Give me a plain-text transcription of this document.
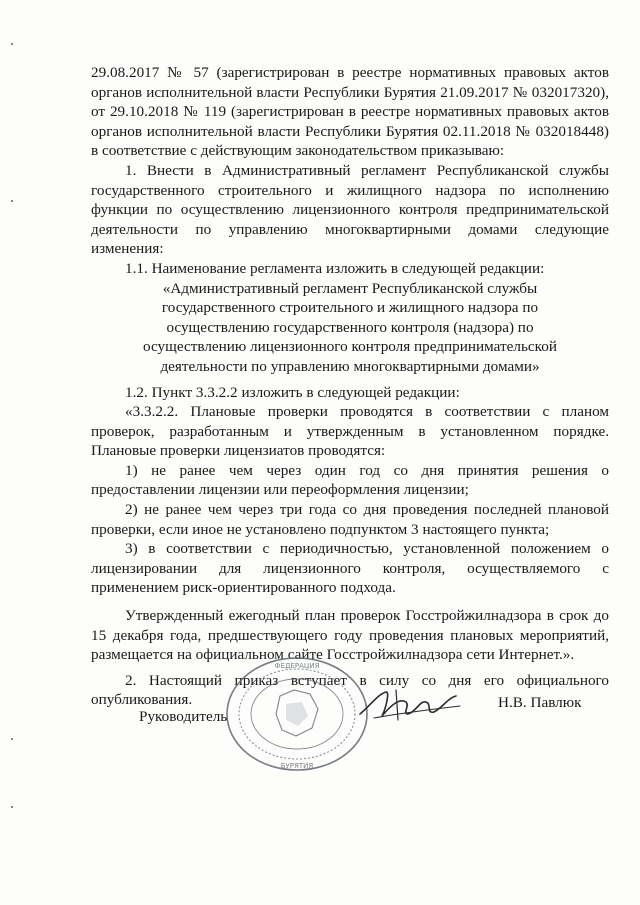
29.08.2017 № 57 (зарегистрирован в реестре нормативных правовых актов органов исполнительной власти Республики Бурятия 21.09.2017 № 032017320), от 29.10.2018 № 119 (зарегистрирован в реестре нормативных правовых актов органов исполнительной власти Республики Бурятия 02.11.2018 № 032018448) в соответствие с действующим законодательством приказываю:

1. Внести в Административный регламент Республиканской службы государственного строительного и жилищного надзора по исполнению функции по осуществлению лицензионного контроля предпринимательской деятельности по управлению многоквартирными домами следующие изменения:

1.1. Наименование регламента изложить в следующей редакции:

«Административный регламент Республиканской службы государственного строительного и жилищного надзора по осуществлению государственного контроля (надзора) по осуществлению лицензионного контроля предпринимательской деятельности по управлению многоквартирными домами»

1.2. Пункт 3.3.2.2 изложить в следующей редакции:

«3.3.2.2. Плановые проверки проводятся в соответствии с планом проверок, разработанным и утвержденным в установленном порядке. Плановые проверки лицензиатов проводятся:

1) не ранее чем через один год со дня принятия решения о предоставлении лицензии или переоформления лицензии;

2) не ранее чем через три года со дня проведения последней плановой проверки, если иное не установлено подпунктом 3 настоящего пункта;

3) в соответствии с периодичностью, установленной положением о лицензировании для лицензионного контроля, осуществляемого с применением риск-ориентированного подхода.

Утвержденный ежегодный план проверок Госстройжилнадзора в срок до 15 декабря года, предшествующего году проведения плановых мероприятий, размещается на официальном сайте Госстройжилнадзора сети Интернет.».

2. Настоящий приказ вступает в силу со дня его официального опубликования.

ФЕДЕРАЦИЯ
БУРЯТИЯ
Руководитель
Н.В. Павлюк
